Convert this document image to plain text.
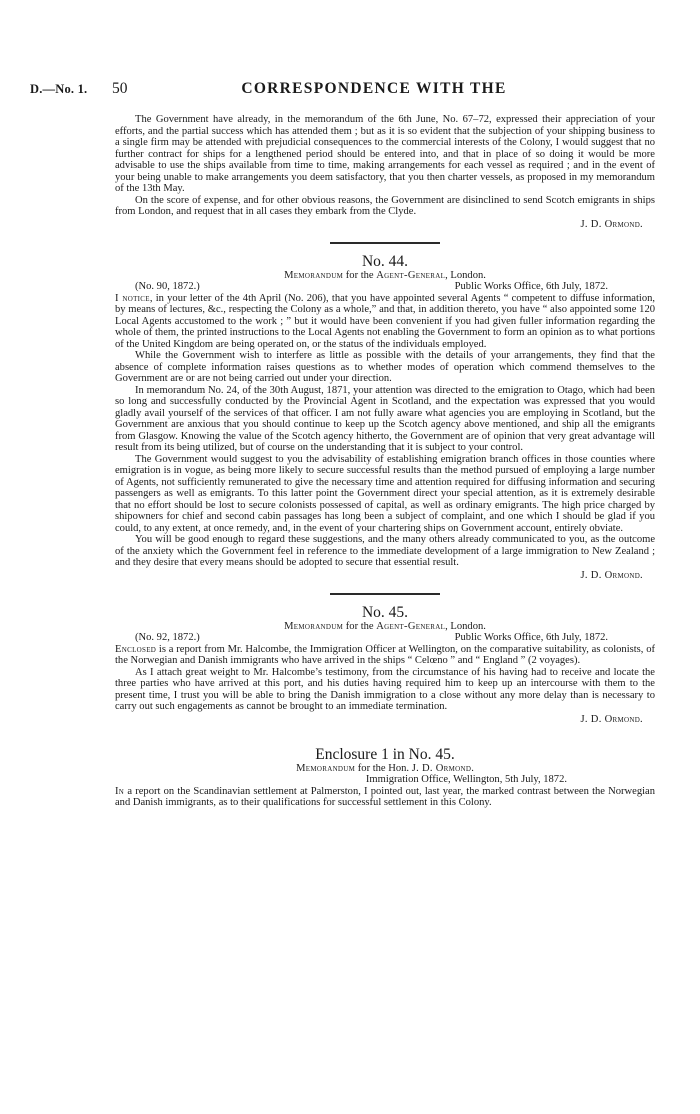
D.—No. 1. 50	CORRESPONDENCE WITH THE

The Government have already, in the memorandum of the 6th June, No. 67–72, expressed their appreciation of your efforts, and the partial success which has attended them ; but as it is so evident that the subjection of your shipping business to a single firm may be attended with prejudicial consequences to the commercial interests of the Colony, I would suggest that no further contract for ships for a lengthened period should be entered into, and that in place of so doing it would be more advisable to use the ships available from time to time, making arrangements for each vessel as required ; and in the event of your being unable to make arrangements you deem satisfactory, that you then charter vessels, as proposed in my memorandum of the 13th May.

On the score of expense, and for other obvious reasons, the Government are disinclined to send Scotch emigrants in ships from London, and request that in all cases they embark from the Clyde.

J. D. Ormond.

No. 44.

Memorandum for the Agent-General, London.

(No. 90, 1872.)	Public Works Office, 6th July, 1872.

I notice, in your letter of the 4th April (No. 206), that you have appointed several Agents “ competent to diffuse information, by means of lectures, &c., respecting the Colony as a whole,” and that, in addition thereto, you have “ also appointed some 120 Local Agents accustomed to the work ; ” but it would have been convenient if you had given fuller information regarding the whole of them, the printed instructions to the Local Agents not enabling the Government to form an opinion as to what portions of the United Kingdom are being operated on, or the status of the individuals employed.

While the Government wish to interfere as little as possible with the details of your arrangements, they find that the absence of complete information raises questions as to whether modes of operation which commend themselves to the Government are or are not being carried out under your direction.

In memorandum No. 24, of the 30th August, 1871, your attention was directed to the emigration to Otago, which had been so long and successfully conducted by the Provincial Agent in Scotland, and the expectation was expressed that you would gladly avail yourself of the services of that officer. I am not fully aware what agencies you are employing in Scotland, but the Government are anxious that you should continue to keep up the Scotch agency above mentioned, and ship all the emigrants from Glasgow. Knowing the value of the Scotch agency hitherto, the Government are of opinion that very great advantage will result from its being utilized, but of course on the understanding that it is subject to your control.

The Government would suggest to you the advisability of establishing emigration branch offices in those counties where emigration is in vogue, as being more likely to secure successful results than the method pursued of employing a large number of Agents, not sufficiently remunerated to give the necessary time and attention required for diffusing information and securing passengers as well as emigrants. To this latter point the Government direct your special attention, as it is extremely desirable that no effort should be lost to secure colonists possessed of capital, as well as ordinary emigrants. The high price charged by shipowners for chief and second cabin passages has long been a subject of complaint, and one which I should be glad if you could, to any extent, at once remedy, and, in the event of your chartering ships on Government account, entirely obviate.

You will be good enough to regard these suggestions, and the many others already communicated to you, as the outcome of the anxiety which the Government feel in reference to the immediate development of a large immigration to New Zealand ; and they desire that every means should be adopted to secure that essential result.

J. D. Ormond.

No. 45.

Memorandum for the Agent-General, London.

(No. 92, 1872.)	Public Works Office, 6th July, 1872.

Enclosed is a report from Mr. Halcombe, the Immigration Officer at Wellington, on the comparative suitability, as colonists, of the Norwegian and Danish immigrants who have arrived in the ships “ Celœno ” and “ England ” (2 voyages).

As I attach great weight to Mr. Halcombe’s testimony, from the circumstance of his having had to receive and locate the three parties who have arrived at this port, and his duties having required him to keep up an intercourse with them to the present time, I trust you will be able to bring the Danish immigration to a close without any more delay than is necessary to carry out such engagements as cannot be brought to an immediate termination.

J. D. Ormond.

Enclosure 1 in No. 45.

Memorandum for the Hon. J. D. Ormond.

Immigration Office, Wellington, 5th July, 1872.

In a report on the Scandinavian settlement at Palmerston, I pointed out, last year, the marked contrast between the Norwegian and Danish immigrants, as to their qualifications for successful settlement in this Colony.
